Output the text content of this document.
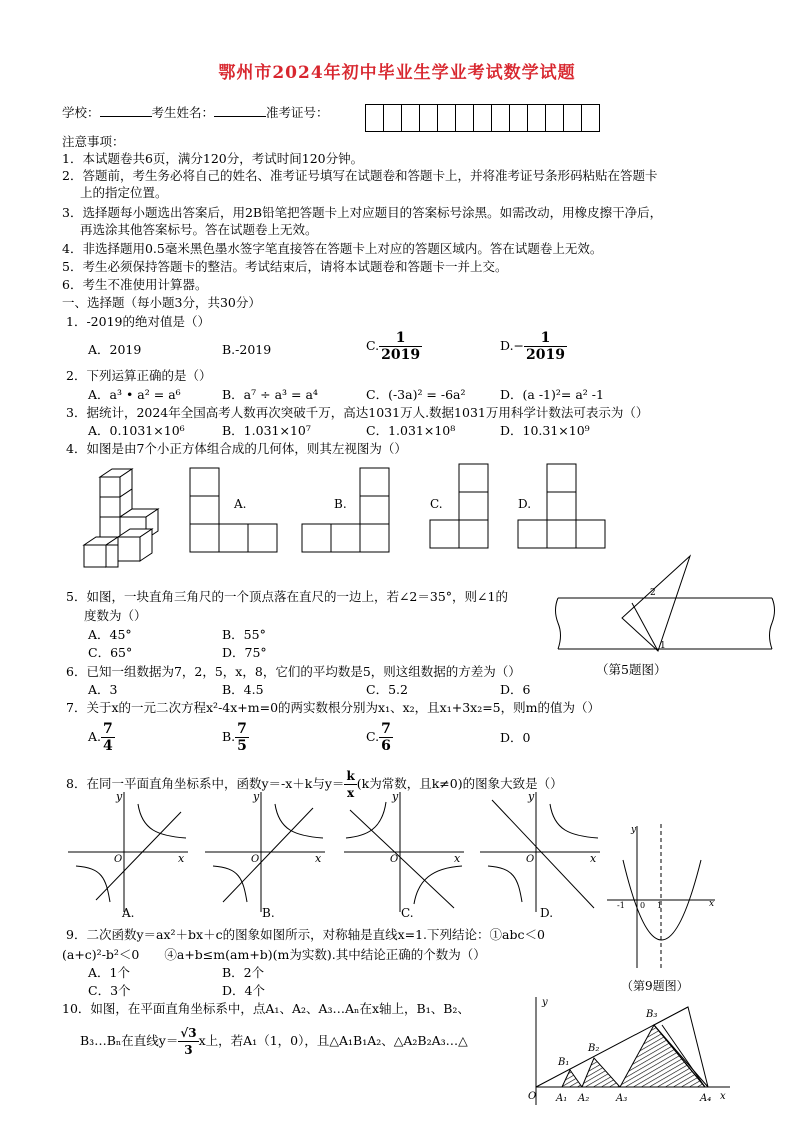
鄂州市2024年初中毕业生学业考试数学试题
学校：	考生姓名：	准考证号：
注意事项：
1．本试题卷共6页，满分120分，考试时间120分钟。
2．答题前，考生务必将自己的姓名、准考证号填写在试题卷和答题卡上，并将准考证号条形码粘贴在答题卡
上的指定位置。
3．选择题每小题选出答案后，用2B铅笔把答题卡上对应题目的答案标号涂黑。如需改动，用橡皮擦干净后，
再选涂其他答案标号。答在试题卷上无效。
4．非选择题用0.5毫米黑色墨水签字笔直接答在答题卡上对应的答题区域内。答在试题卷上无效。
5．考生必须保持答题卡的整洁。考试结束后，请将本试题卷和答题卡一并上交。
6．考生不准使用计算器。
一、选择题（每小题3分，共30分）
1．-2019的绝对值是（）
A．2019	B.-2019	C. $\frac{1}{2019}$	$D.- \frac{1}{2019}$
2．下列运算正确的是（）
A．a³ • a² = a⁶	B．a⁷ ÷ a³ = a⁴	C．(-3a)² = -6a²	D．(a -1)²= a² -1
3．据统计，2024年全国高考人数再次突破千万，高达1031万人.数据1031万用科学计数法可表示为（）
A．0.1031×10⁶	B．1.031×10⁷	C．1.031×10⁸	D．10.31×10⁹
4．如图是由7个小正方体组合成的几何体，则其左视图为（）
A.	B.	C.	D.
5．如图，一块直角三角尺的一个顶点落在直尺的一边上，若∠2＝35°，则∠1的
度数为（）
A．45°	B．55°
C．65°	D．75°
2
1
（第5题图）
6．已知一组数据为7，2，5，x，8，它们的平均数是5，则这组数据的方差为（）
A．3	B．4.5	C．5.2	D．6
7．关于x的一元二次方程x²-4x+m=0的两实数根分别为x₁、x₂，且x₁+3x₂=5，则m的值为（）
A. $\frac{7}{4}$	B. $\frac{7}{5}$	C. $\frac{7}{6}$	D．0
8．在同一平面直角坐标系中，函数y＝-x＋k与$y= \frac{k}{x} (k$为常数，且k≠0)的图象大致是（）
y
x
O
A.
y
x
O
B.
y
x
O
C.
y
x
O
D.
y
x
-1 0 1
（第9题图）
9．二次函数y＝ax²＋bx＋c的图象如图所示，对称轴是直线x=1.下列结论：①abc＜0
(a+c)²-b²＜0　　④a+b≤m(am+b)(m为实数).其中结论正确的个数为（）
A．1个	B．2个
C．3个	D．4个
10．如图，在平面直角坐标系中，点A₁、A₂、A₃…Aₙ在x轴上，B₁、B₂、
B₃…Bₙ在直线$y= \frac{√3}{3}$ x上，若A₁（1，0），且△A₁B₁A₂、△A₂B₂A₃…△
O
y
x
A₁ A₂	A₃	A₄
B₁
B₂
B₃
